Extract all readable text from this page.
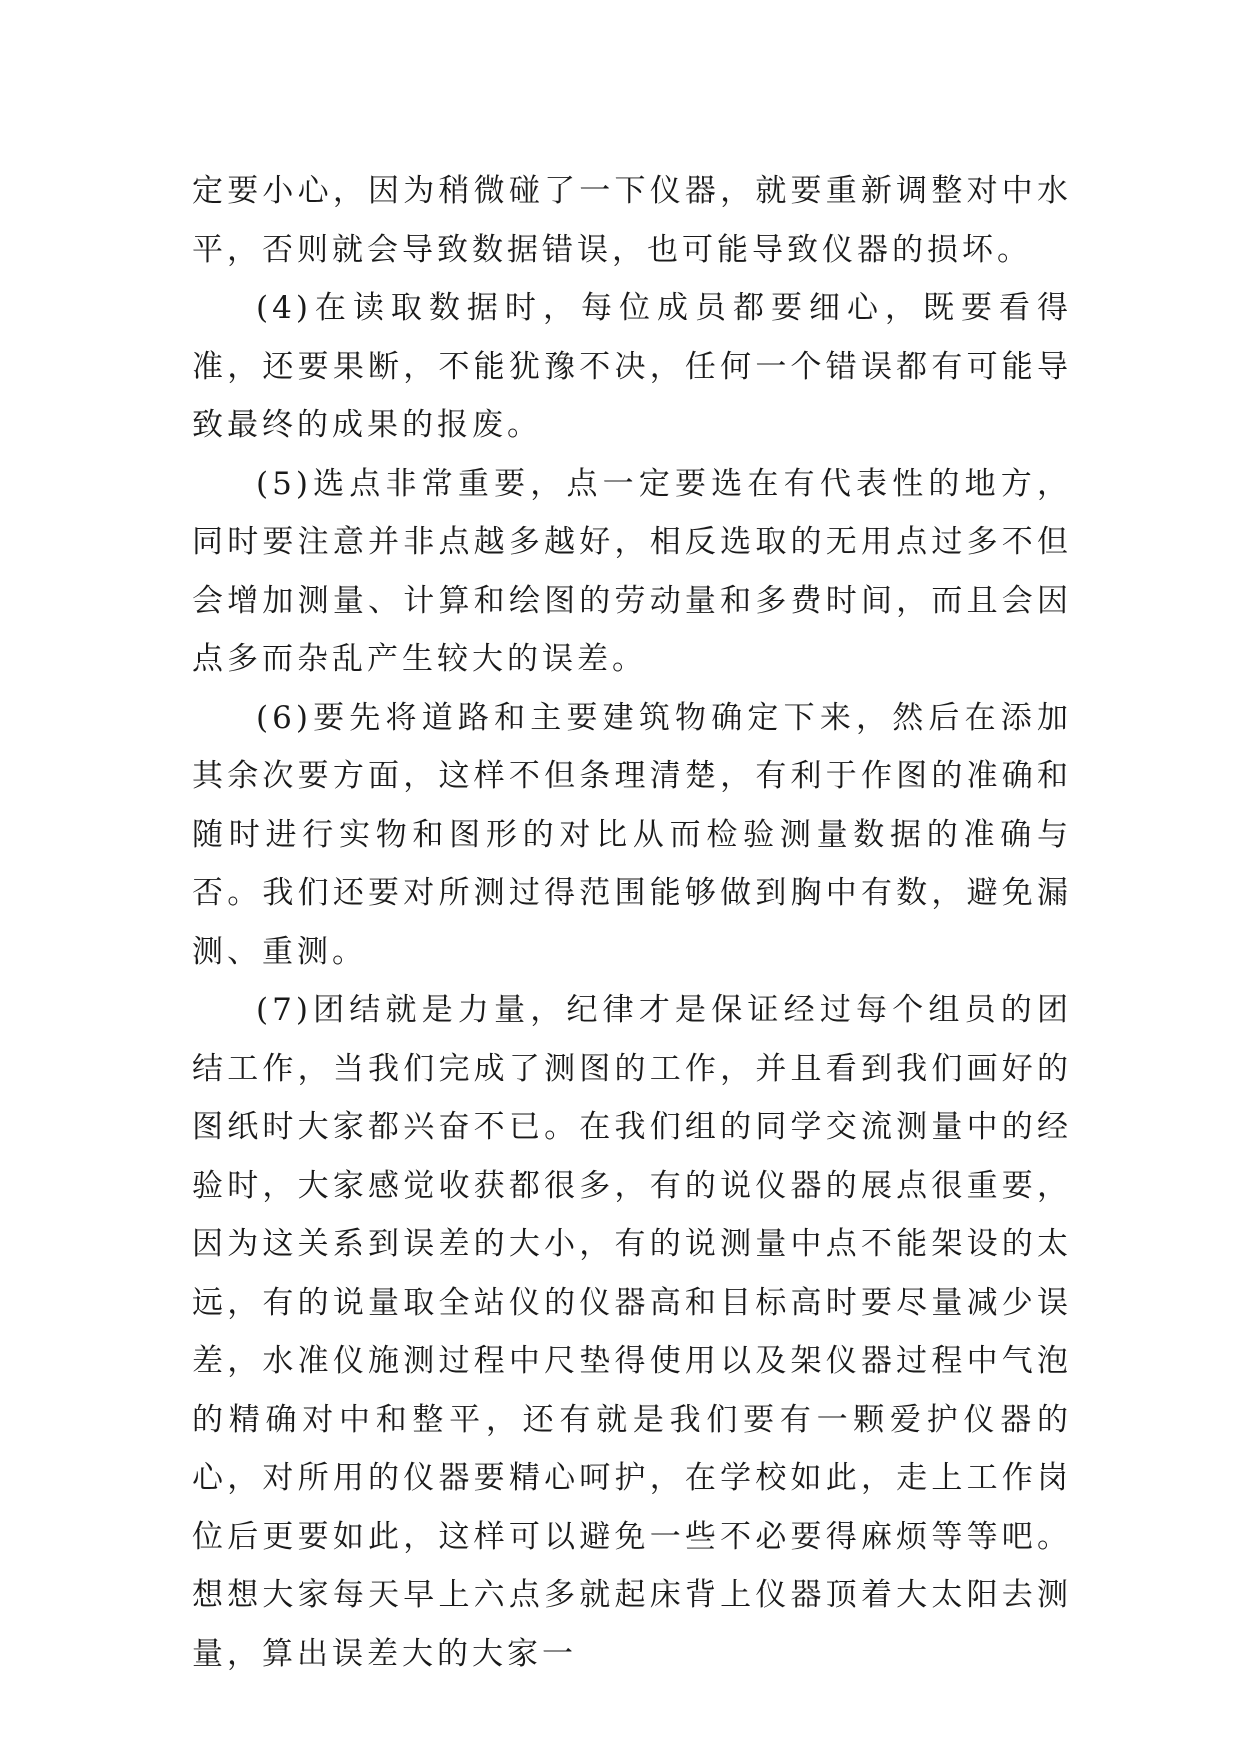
定要小心，因为稍微碰了一下仪器，就要重新调整对中水平，否则就会导致数据错误，也可能导致仪器的损坏。

(4)在读取数据时，每位成员都要细心，既要看得准，还要果断，不能犹豫不决，任何一个错误都有可能导致最终的成果的报废。

(5)选点非常重要，点一定要选在有代表性的地方，同时要注意并非点越多越好，相反选取的无用点过多不但会增加测量、计算和绘图的劳动量和多费时间，而且会因点多而杂乱产生较大的误差。

(6)要先将道路和主要建筑物确定下来，然后在添加其余次要方面，这样不但条理清楚，有利于作图的准确和随时进行实物和图形的对比从而检验测量数据的准确与否。我们还要对所测过得范围能够做到胸中有数，避免漏测、重测。

(7)团结就是力量，纪律才是保证经过每个组员的团结工作，当我们完成了测图的工作，并且看到我们画好的图纸时大家都兴奋不已。在我们组的同学交流测量中的经验时，大家感觉收获都很多，有的说仪器的展点很重要，因为这关系到误差的大小，有的说测量中点不能架设的太远，有的说量取全站仪的仪器高和目标高时要尽量减少误差，水准仪施测过程中尺垫得使用以及架仪器过程中气泡的精确对中和整平，还有就是我们要有一颗爱护仪器的心，对所用的仪器要精心呵护，在学校如此，走上工作岗位后更要如此，这样可以避免一些不必要得麻烦等等吧。想想大家每天早上六点多就起床背上仪器顶着大太阳去测量，算出误差大的大家一
